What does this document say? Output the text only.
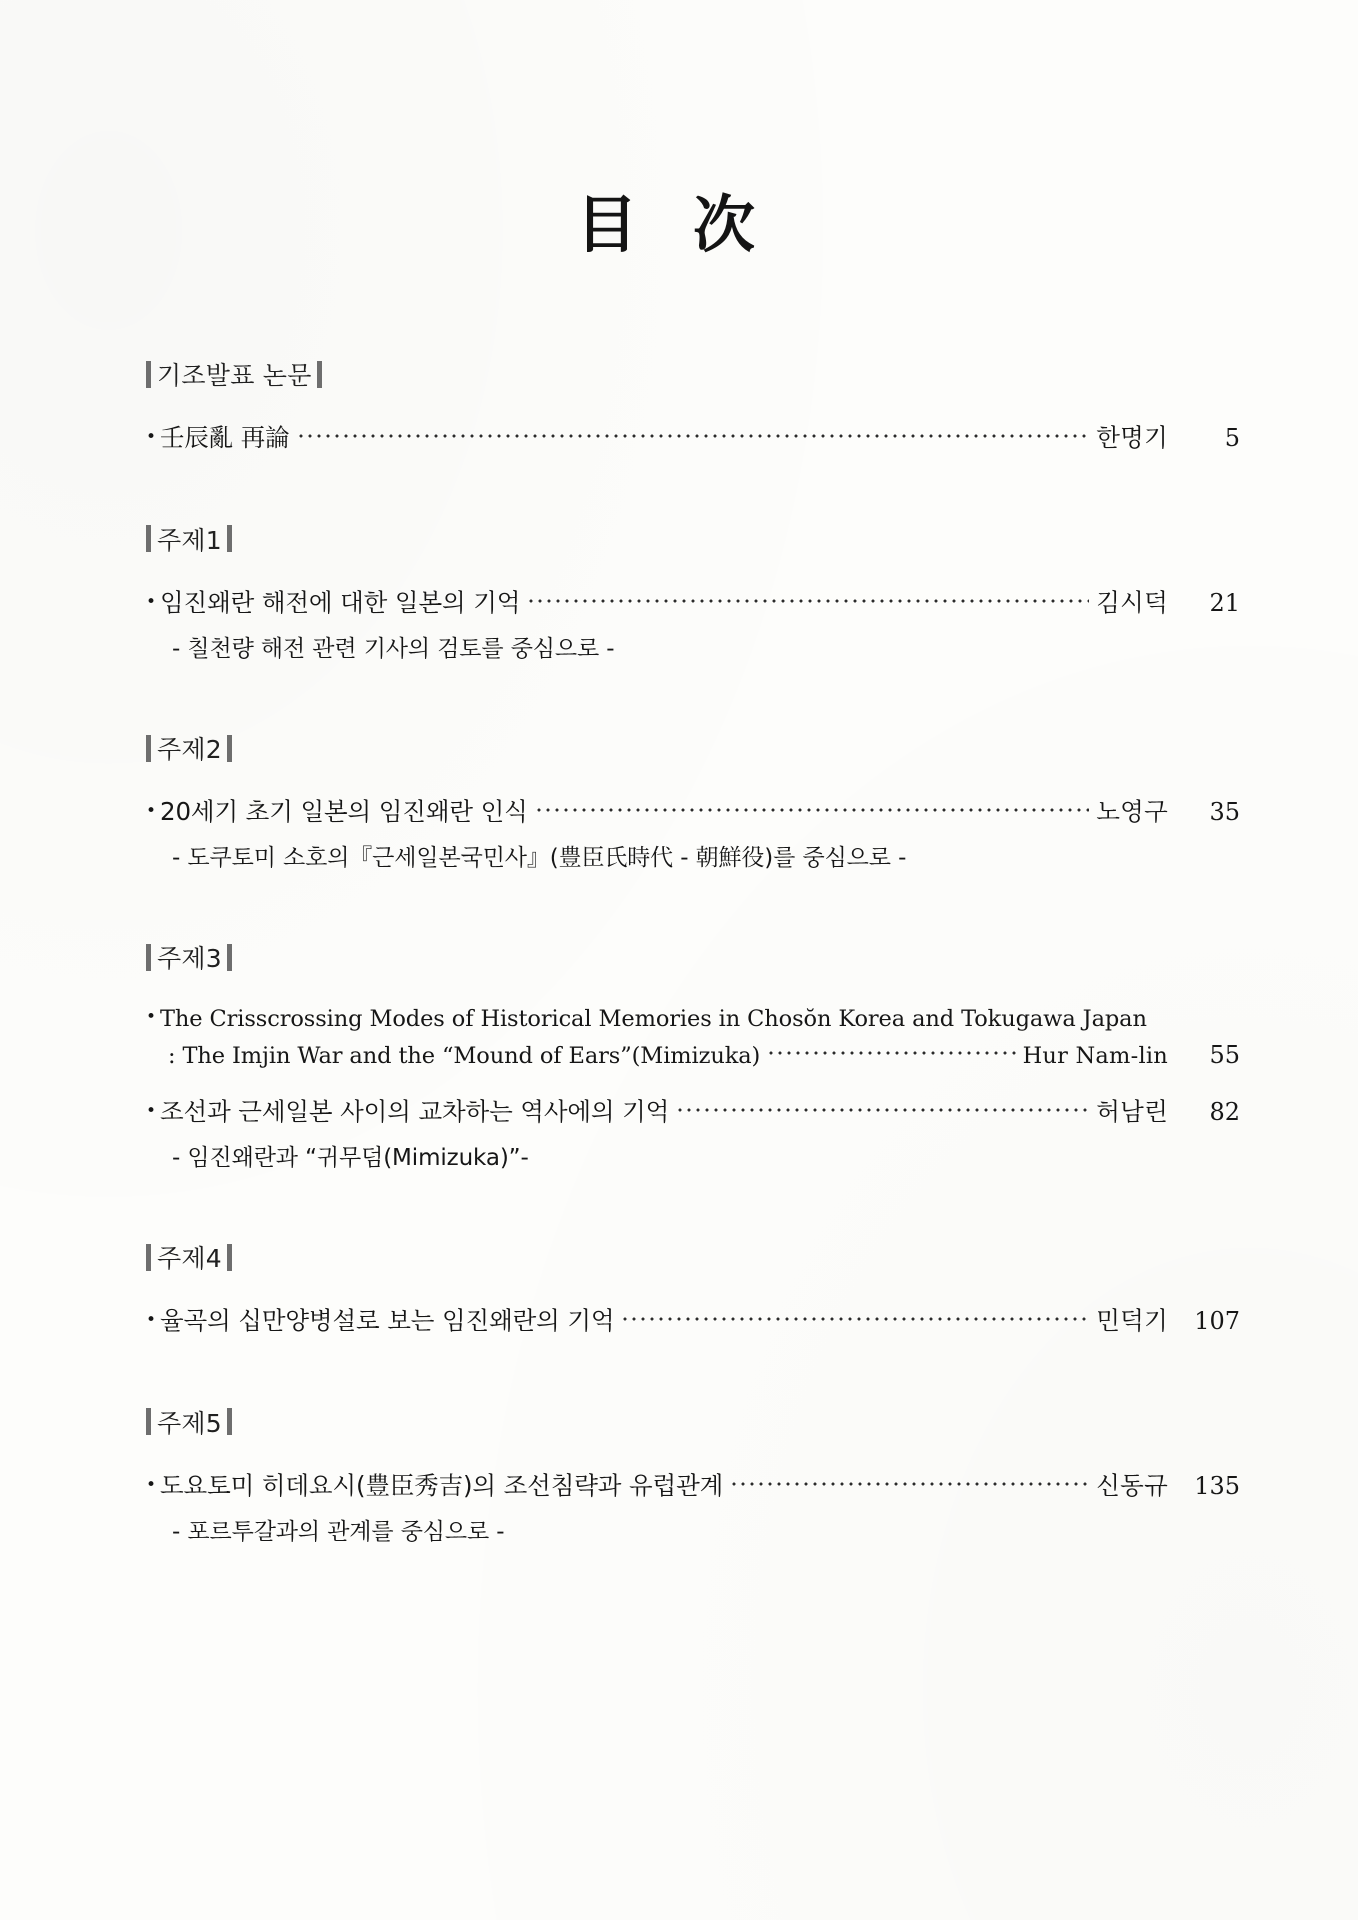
目 次
기조발표 논문
• 壬辰亂 再論	한명기	5
주제1
• 임진왜란 해전에 대한 일본의 기억	김시덕	21
- 칠천량 해전 관련 기사의 검토를 중심으로 -
주제2
• 20세기 초기 일본의 임진왜란 인식	노영구	35
- 도쿠토미 소호의『근세일본국민사』(豊臣氏時代 - 朝鮮役)를 중심으로 -
주제3
• The Crisscrossing Modes of Historical Memories in Chosŏn Korea and Tokugawa Japan
: The Imjin War and the “Mound of Ears”(Mimizuka)	Hur Nam-lin	55
• 조선과 근세일본 사이의 교차하는 역사에의 기억	허남린	82
- 임진왜란과 “귀무덤(Mimizuka)”-
주제4
• 율곡의 십만양병설로 보는 임진왜란의 기억	민덕기	107
주제5
• 도요토미 히데요시(豊臣秀吉)의 조선침략과 유럽관계	신동규	135
- 포르투갈과의 관계를 중심으로 -
